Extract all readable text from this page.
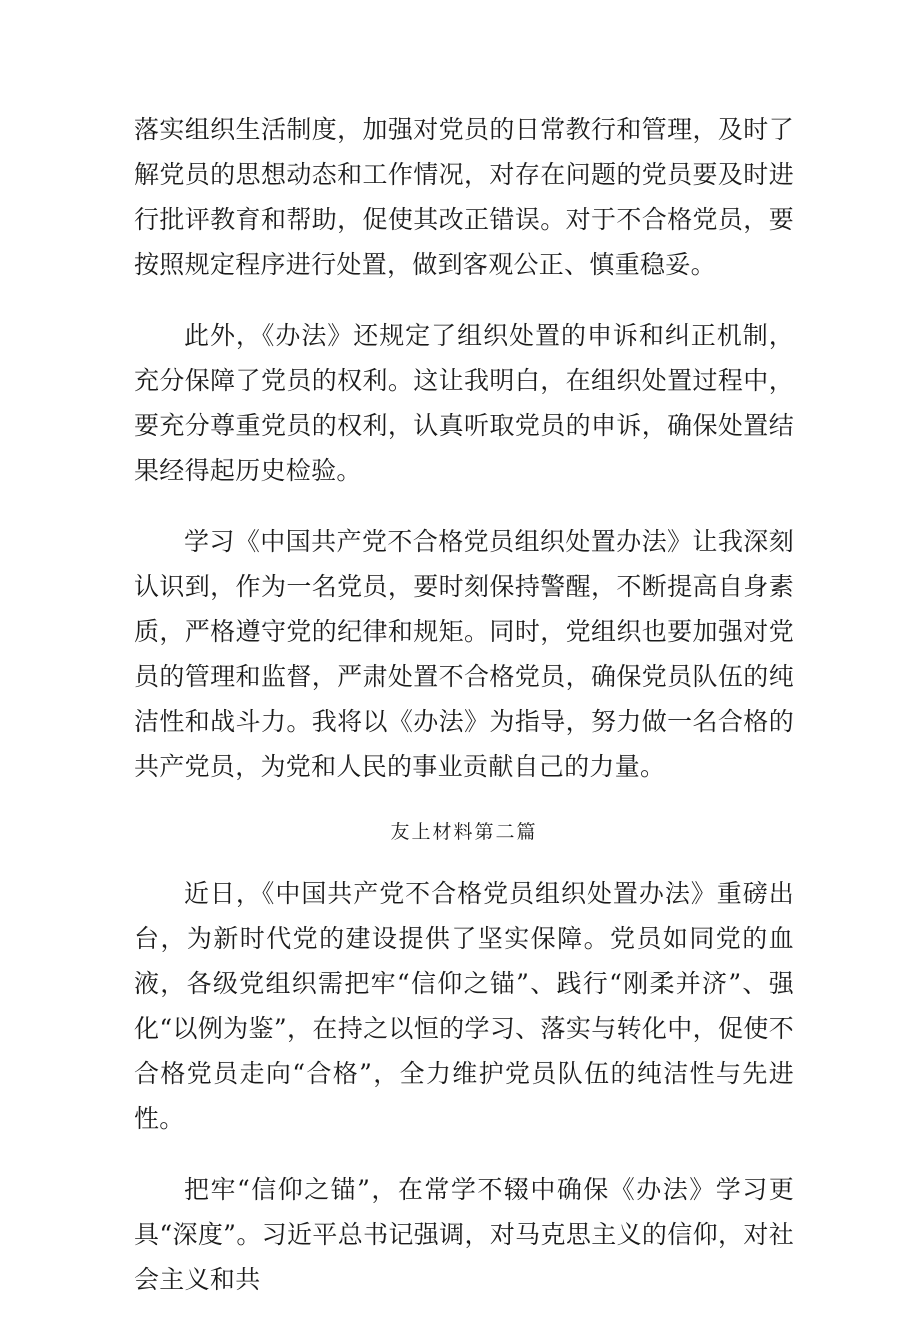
落实组织生活制度，加强对党员的日常教行和管理，及时了解党员的思想动态和工作情况，对存在问题的党员要及时进行批评教育和帮助，促使其改正错误。对于不合格党员，要按照规定程序进行处置，做到客观公正、慎重稳妥。

此外，《办法》还规定了组织处置的申诉和纠正机制，充分保障了党员的权利。这让我明白，在组织处置过程中，要充分尊重党员的权利，认真听取党员的申诉，确保处置结果经得起历史检验。

学习《中国共产党不合格党员组织处置办法》让我深刻认识到，作为一名党员，要时刻保持警醒，不断提高自身素质，严格遵守党的纪律和规矩。同时，党组织也要加强对党员的管理和监督，严肃处置不合格党员，确保党员队伍的纯洁性和战斗力。我将以《办法》为指导，努力做一名合格的共产党员，为党和人民的事业贡献自己的力量。

友上材料第二篇

近日，《中国共产党不合格党员组织处置办法》重磅出台，为新时代党的建设提供了坚实保障。党员如同党的血液，各级党组织需把牢“信仰之锚”、践行“刚柔并济”、强化“以例为鉴”，在持之以恒的学习、落实与转化中，促使不合格党员走向“合格”，全力维护党员队伍的纯洁性与先进性。

把牢“信仰之锚”，在常学不辍中确保《办法》学习更具“深度”。习近平总书记强调，对马克思主义的信仰，对社会主义和共
